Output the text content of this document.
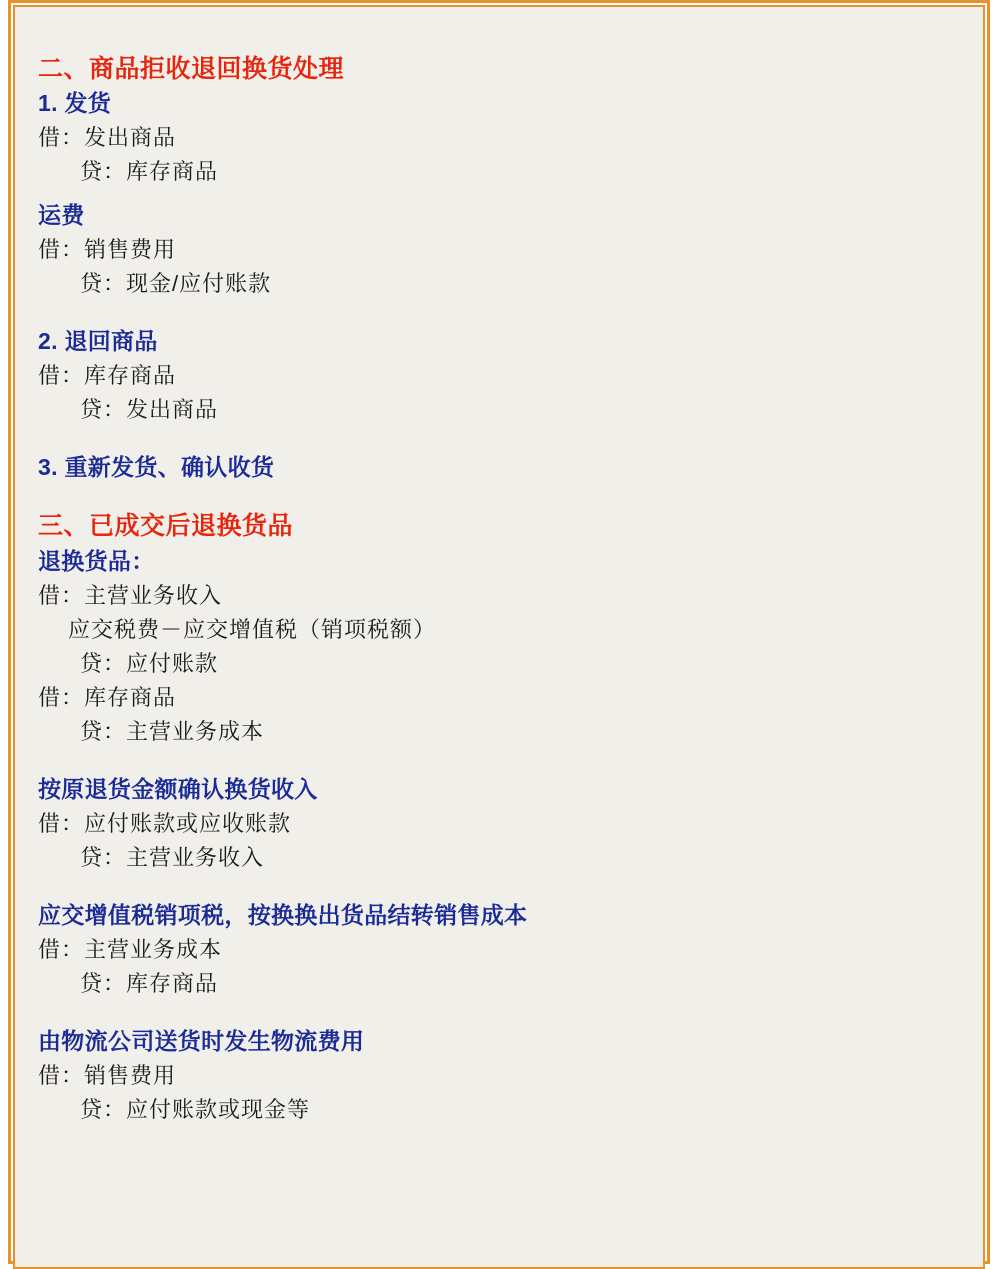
二、商品拒收退回换货处理

1. 发货

借：发出商品

贷：库存商品

运费

借：销售费用

贷：现金/应付账款

2. 退回商品

借：库存商品

贷：发出商品

3. 重新发货、确认收货

三、已成交后退换货品

退换货品：

借：主营业务收入

应交税费－应交增值税（销项税额）

贷：应付账款

借：库存商品

贷：主营业务成本

按原退货金额确认换货收入

借：应付账款或应收账款

贷：主营业务收入

应交增值税销项税，按换换出货品结转销售成本

借：主营业务成本

贷：库存商品

由物流公司送货时发生物流费用

借：销售费用

贷：应付账款或现金等
